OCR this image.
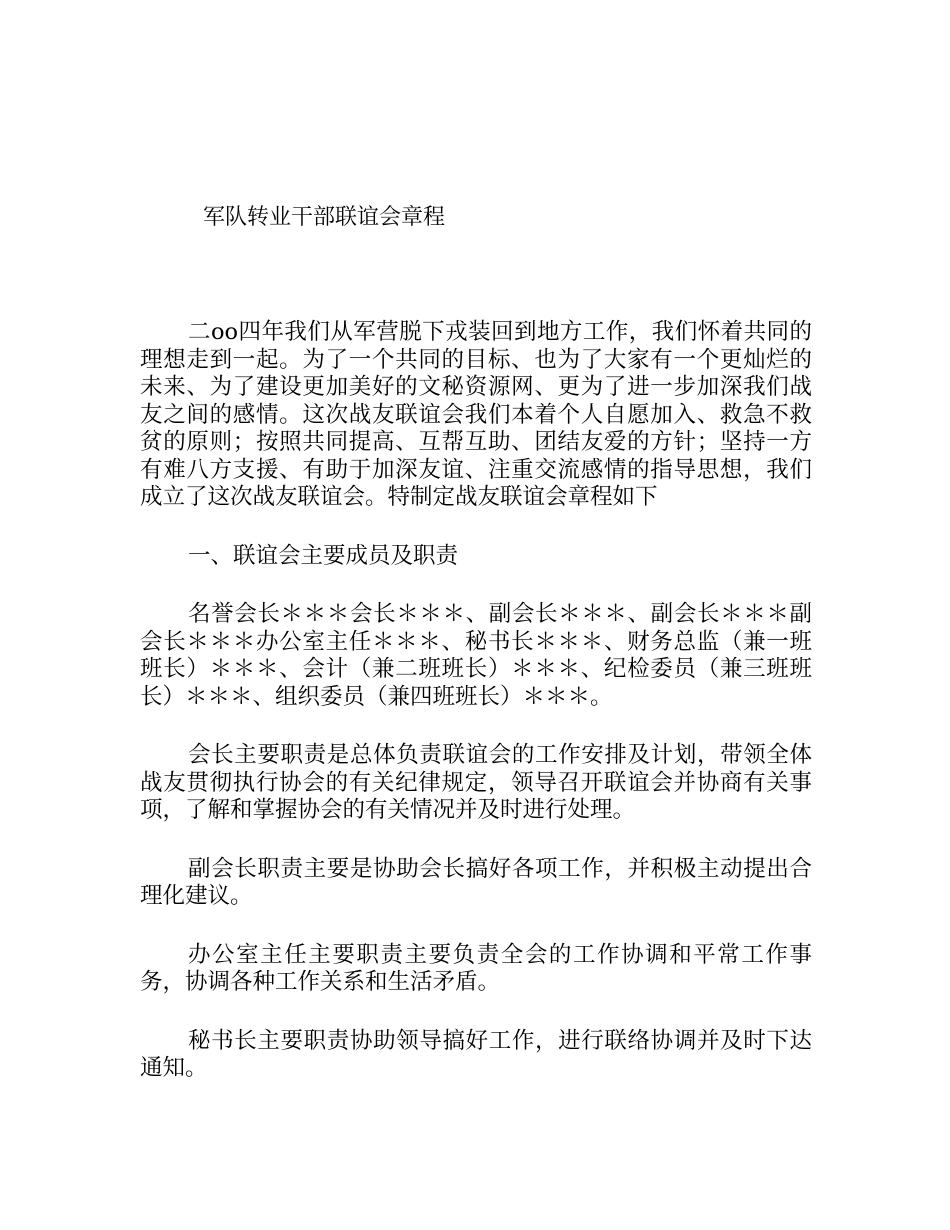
军队转业干部联谊会章程

二oo四年我们从军营脱下戎装回到地方工作，我们怀着共同的理想走到一起。为了一个共同的目标、也为了大家有一个更灿烂的未来、为了建设更加美好的文秘资源网、更为了进一步加深我们战友之间的感情。这次战友联谊会我们本着个人自愿加入、救急不救贫的原则；按照共同提高、互帮互助、团结友爱的方针；坚持一方有难八方支援、有助于加深友谊、注重交流感情的指导思想，我们成立了这次战友联谊会。特制定战友联谊会章程如下

一、联谊会主要成员及职责

名誉会长＊＊＊会长＊＊＊、副会长＊＊＊、副会长＊＊＊副会长＊＊＊办公室主任＊＊＊、秘书长＊＊＊、财务总监（兼一班班长）＊＊＊、会计（兼二班班长）＊＊＊、纪检委员（兼三班班长）＊＊＊、组织委员（兼四班班长）＊＊＊。

会长主要职责是总体负责联谊会的工作安排及计划，带领全体战友贯彻执行协会的有关纪律规定，领导召开联谊会并协商有关事项，了解和掌握协会的有关情况并及时进行处理。

副会长职责主要是协助会长搞好各项工作，并积极主动提出合理化建议。

办公室主任主要职责主要负责全会的工作协调和平常工作事务，协调各种工作关系和生活矛盾。

秘书长主要职责协助领导搞好工作，进行联络协调并及时下达通知。
